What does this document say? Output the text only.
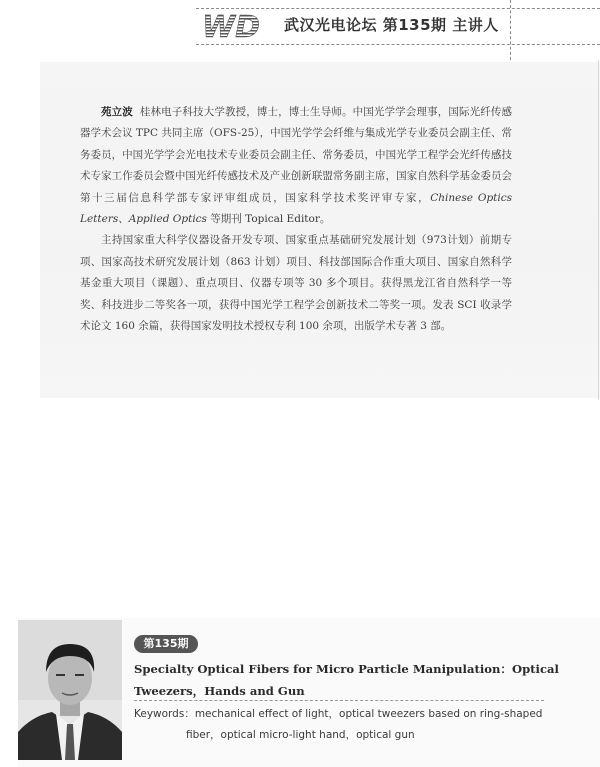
WD 武汉光电论坛 第135期 主讲人

苑立波 桂林电子科技大学教授，博士，博士生导师。中国光学学会理事，国际光纤传感器学术会议 TPC 共同主席（OFS-25），中国光学学会纤维与集成光学专业委员会副主任、常务委员，中国光学学会光电技术专业委员会副主任、常务委员，中国光学工程学会光纤传感技术专家工作委员会暨中国光纤传感技术及产业创新联盟常务副主席，国家自然科学基金委员会第十三届信息科学部专家评审组成员，国家科学技术奖评审专家，Chinese Optics Letters、Applied Optics 等期刊 Topical Editor。

主持国家重大科学仪器设备开发专项、国家重点基础研究发展计划（973计划）前期专项、国家高技术研究发展计划（863 计划）项目、科技部国际合作重大项目、国家自然科学基金重大项目（课题）、重点项目、仪器专项等 30 多个项目。获得黑龙江省自然科学一等奖、科技进步二等奖各一项，获得中国光学工程学会创新技术二等奖一项。发表 SCI 收录学术论文 160 余篇，获得国家发明技术授权专利 100 余项，出版学术专著 3 部。

第135期
Specialty Optical Fibers for Micro Particle Manipulation：Optical Tweezers，Hands and Gun
Keywords：mechanical effect of light，optical tweezers based on ring-shaped
fiber，optical micro-light hand，optical gun
